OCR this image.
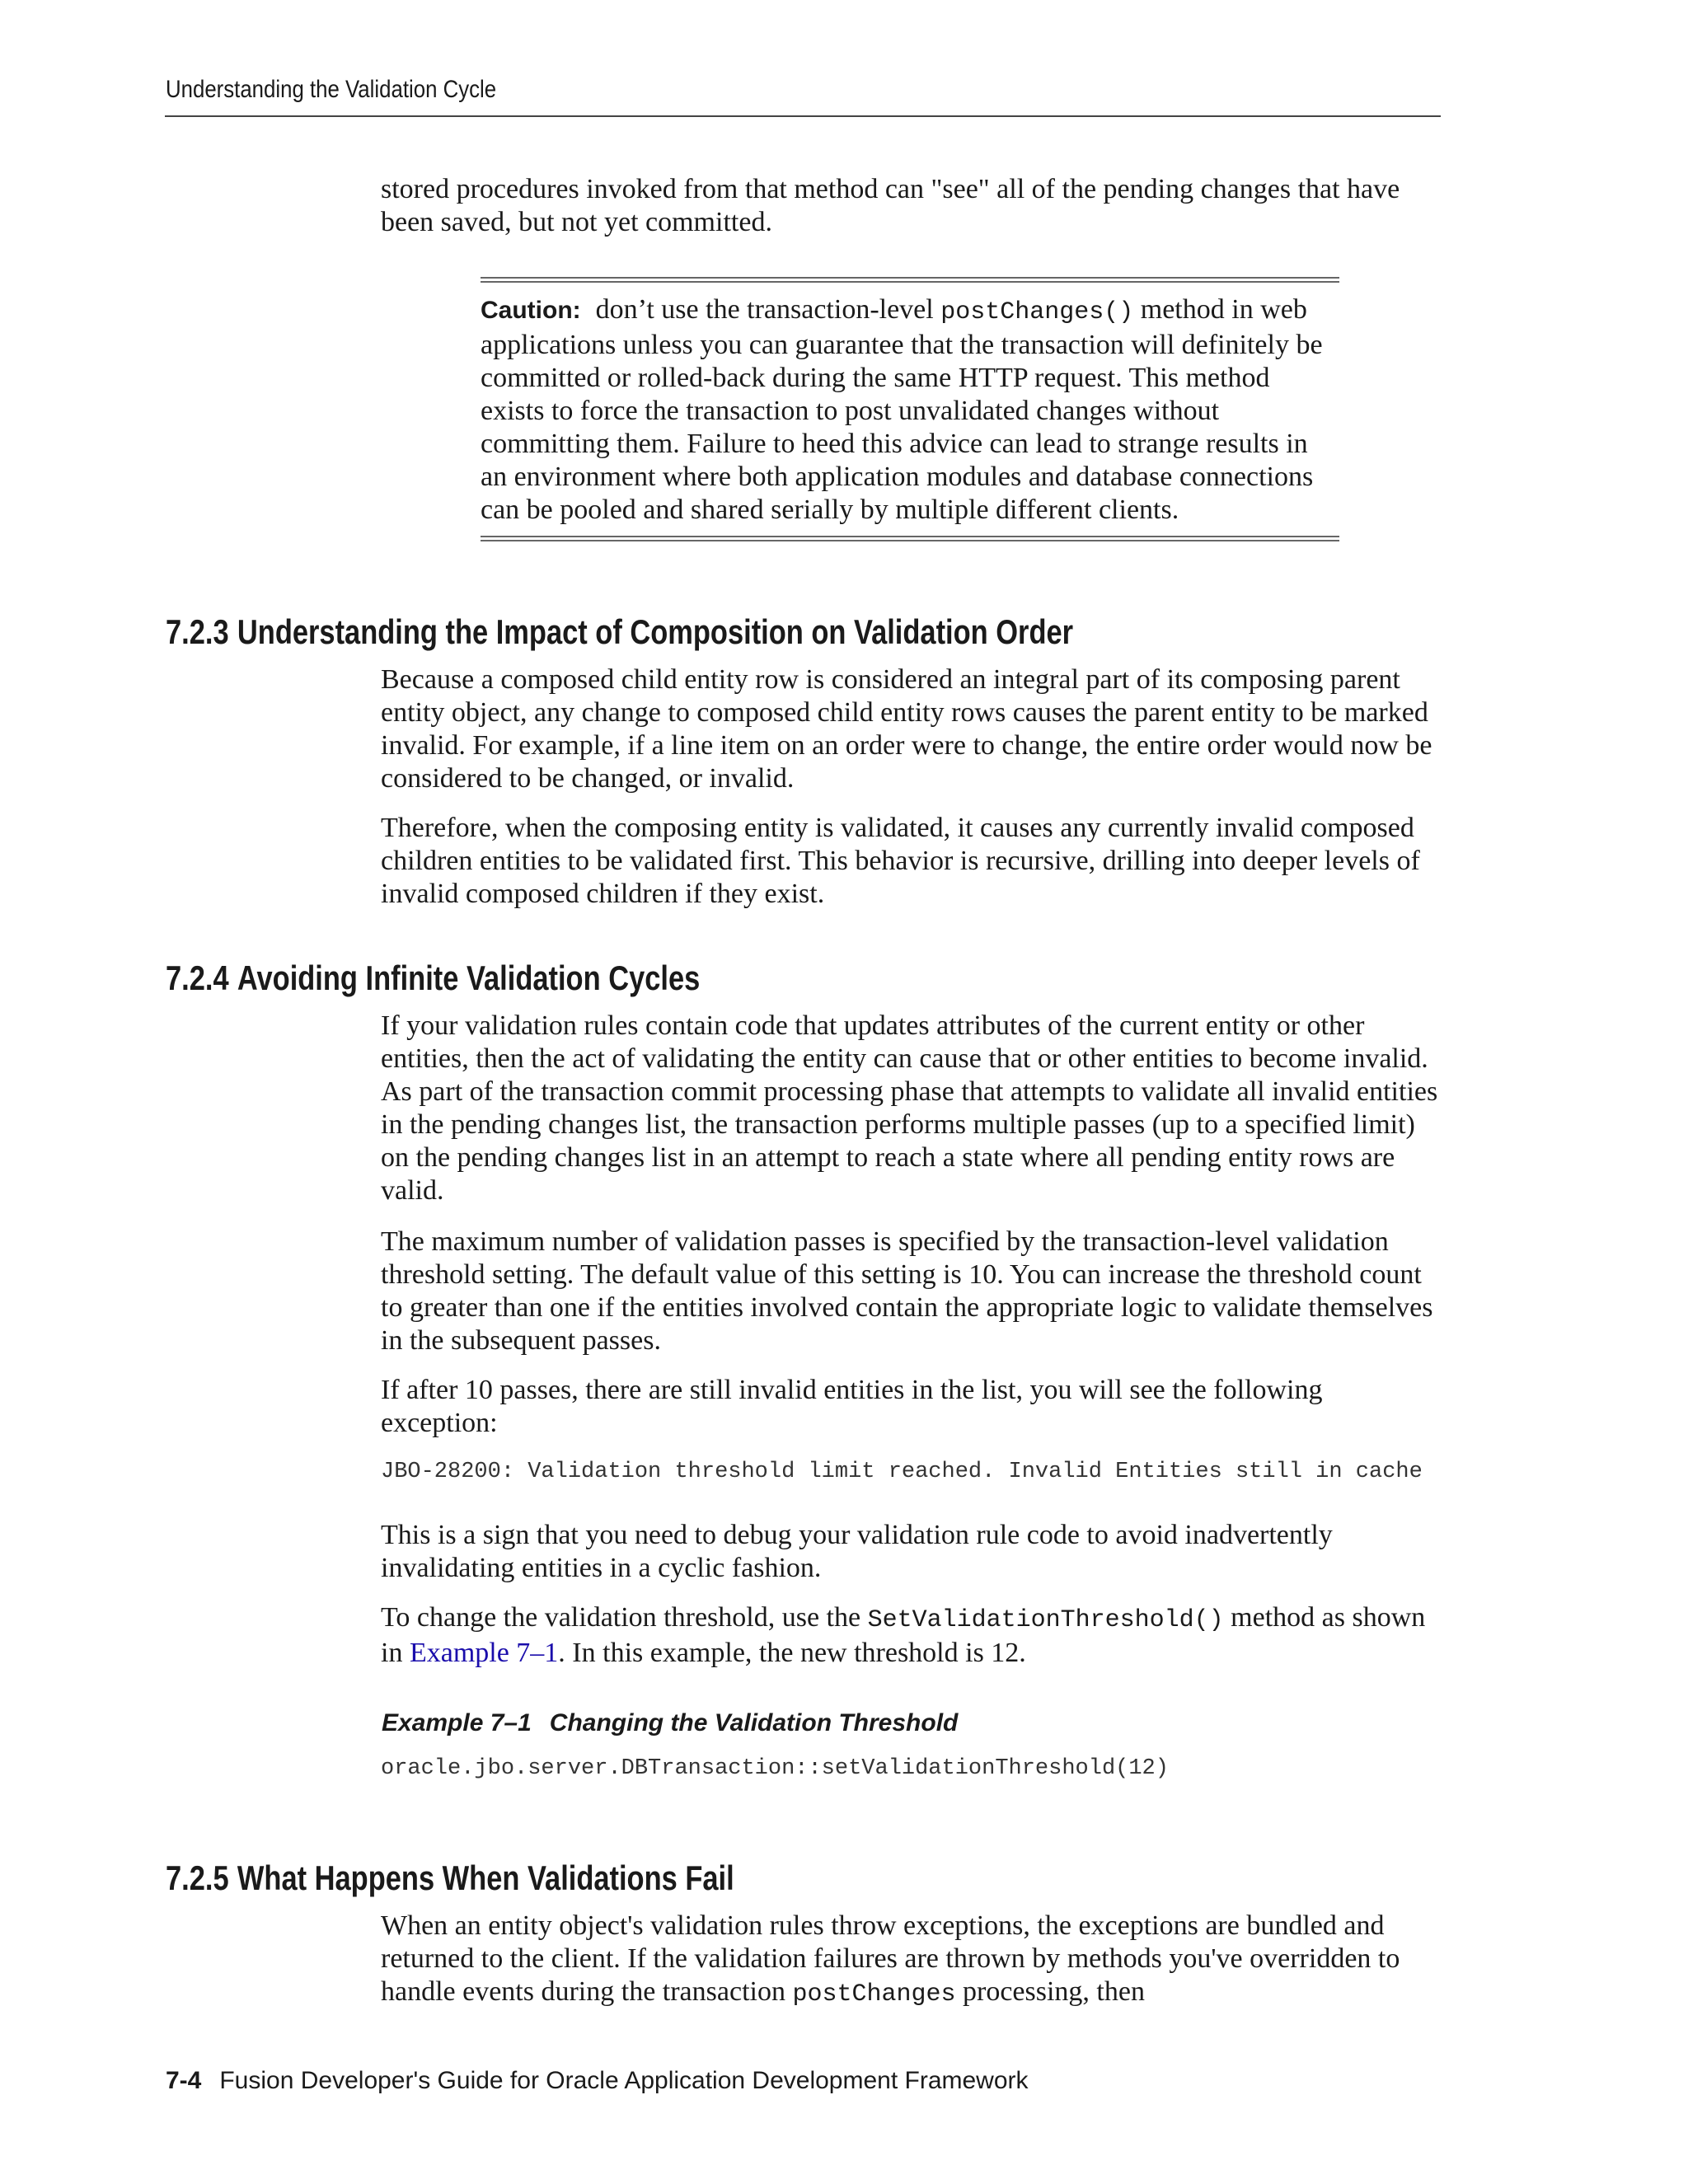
Understanding the Validation Cycle

stored procedures invoked from that method can "see" all of the pending changes that have been saved, but not yet committed.

Caution: don’t use the transaction-level postChanges() method in web applications unless you can guarantee that the transaction will definitely be committed or rolled-back during the same HTTP request. This method exists to force the transaction to post unvalidated changes without committing them. Failure to heed this advice can lead to strange results in an environment where both application modules and database connections can be pooled and shared serially by multiple different clients.

7.2.3 Understanding the Impact of Composition on Validation Order

Because a composed child entity row is considered an integral part of its composing parent entity object, any change to composed child entity rows causes the parent entity to be marked invalid. For example, if a line item on an order were to change, the entire order would now be considered to be changed, or invalid.

Therefore, when the composing entity is validated, it causes any currently invalid composed children entities to be validated first. This behavior is recursive, drilling into deeper levels of invalid composed children if they exist.

7.2.4 Avoiding Infinite Validation Cycles

If your validation rules contain code that updates attributes of the current entity or other entities, then the act of validating the entity can cause that or other entities to become invalid. As part of the transaction commit processing phase that attempts to validate all invalid entities in the pending changes list, the transaction performs multiple passes (up to a specified limit) on the pending changes list in an attempt to reach a state where all pending entity rows are valid.

The maximum number of validation passes is specified by the transaction-level validation threshold setting. The default value of this setting is 10. You can increase the threshold count to greater than one if the entities involved contain the appropriate logic to validate themselves in the subsequent passes.

If after 10 passes, there are still invalid entities in the list, you will see the following exception:

JBO-28200: Validation threshold limit reached. Invalid Entities still in cache

This is a sign that you need to debug your validation rule code to avoid inadvertently invalidating entities in a cyclic fashion.

To change the validation threshold, use the SetValidationThreshold() method as shown in Example 7–1. In this example, the new threshold is 12.

Example 7–1 Changing the Validation Threshold

oracle.jbo.server.DBTransaction::setValidationThreshold(12)

7.2.5 What Happens When Validations Fail

When an entity object's validation rules throw exceptions, the exceptions are bundled and returned to the client. If the validation failures are thrown by methods you've overridden to handle events during the transaction postChanges processing, then

7-4 Fusion Developer's Guide for Oracle Application Development Framework
